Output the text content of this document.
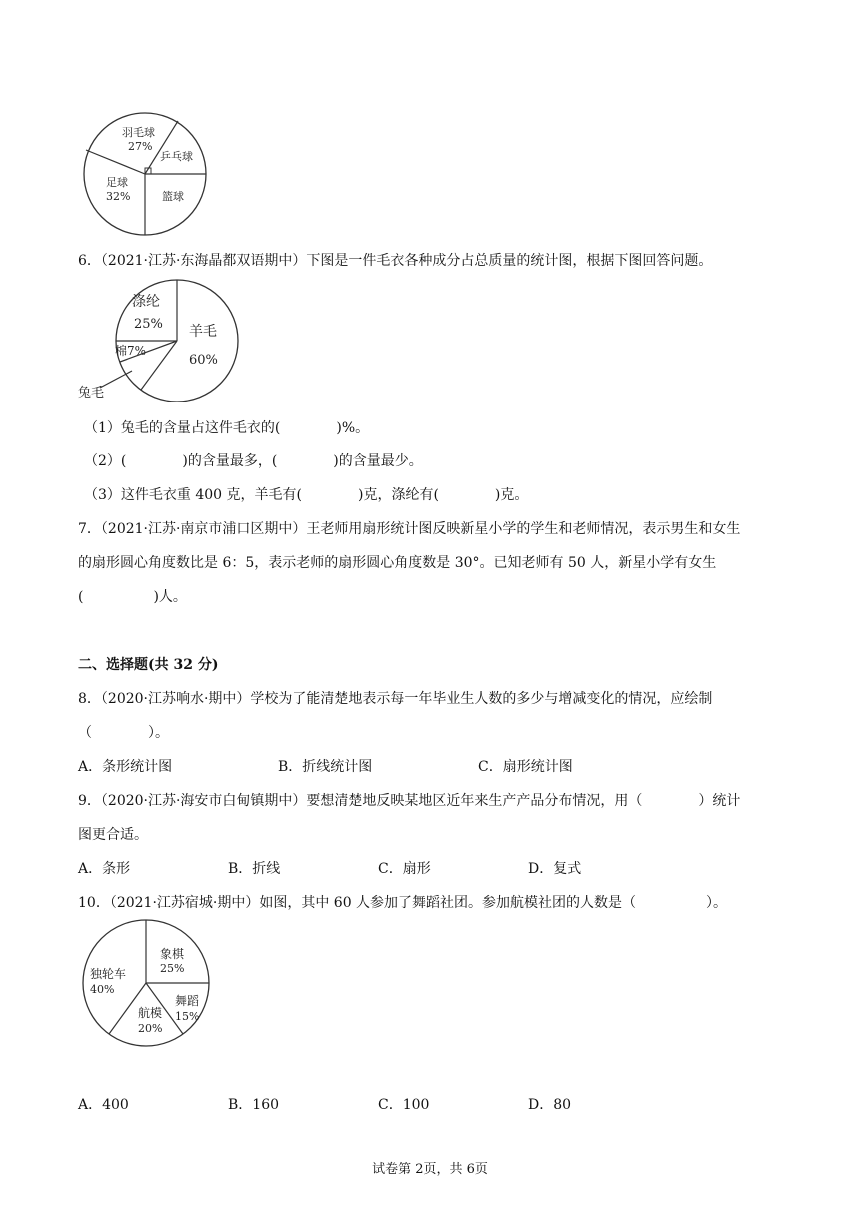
羽毛球
27%
乒乓球
篮球
足球
32%
6．（2021·江苏·东海晶都双语期中）下图是一件毛衣各种成分占总质量的统计图，根据下图回答问题。
涤纶
25% 羊毛
60%
棉7%
兔毛
（1）兔毛的含量占这件毛衣的(　　　　)%。
（2）(　　　　)的含量最多，(　　　　)的含量最少。
（3）这件毛衣重 400 克，羊毛有(　　　　)克，涤纶有(　　　　)克。
7．（2021·江苏·南京市浦口区期中）王老师用扇形统计图反映新星小学的学生和老师情况，表示男生和女生
的扇形圆心角度数比是 6：5，表示老师的扇形圆心角度数是 30°。已知老师有 50 人，新星小学有女生
(　　　　　)人。
二、选择题(共 32 分)
8．（2020·江苏响水·期中）学校为了能清楚地表示每一年毕业生人数的多少与增减变化的情况，应绘制
（　　　　）。
A．条形统计图	B．折线统计图	C．扇形统计图
9．（2020·江苏·海安市白甸镇期中）要想清楚地反映某地区近年来生产产品分布情况，用（　　　　）统计
图更合适。
A．条形	B．折线	C．扇形	D．复式
10．（2021·江苏宿城·期中）如图，其中 60 人参加了舞蹈社团。参加航模社团的人数是（　　　　　）。
象棋
25%
舞蹈
15%
航模
20%
独轮车
40%
A．400	B．160	C．100	D．80
试卷第 2页，共 6页
